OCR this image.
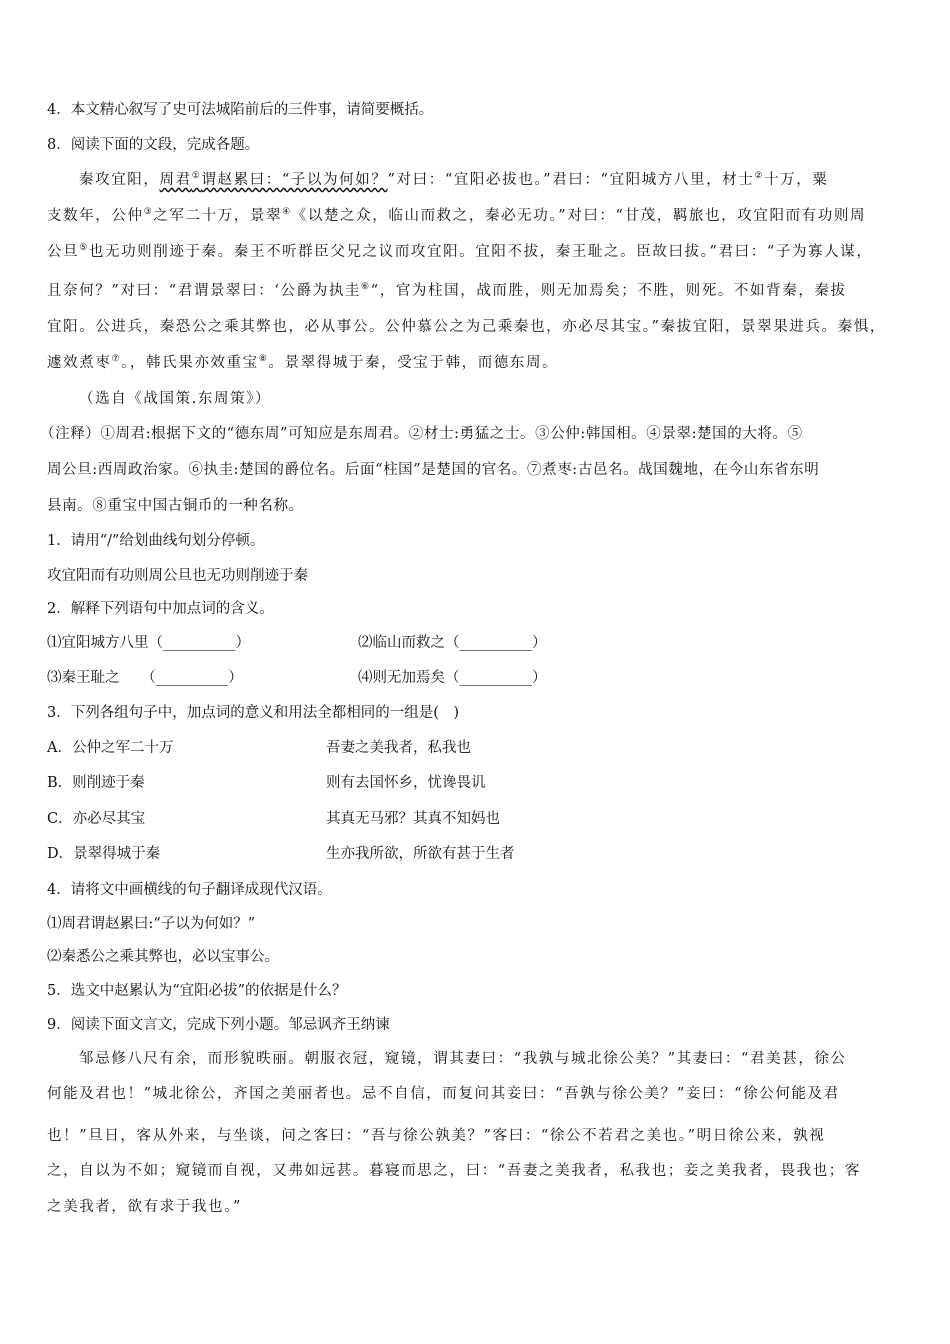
4．本文精心叙写了史可法城陷前后的三件事，请简要概括。
8．阅读下面的文段，完成各题。
秦攻宜阳，周君①谓赵累曰：“子以为何如？”对曰：“宜阳必拔也。”君曰：“宜阳城方八里，材士②十万，粟
支数年，公仲③之军二十万，景翠④《以楚之众，临山而救之，秦必无功。”对曰：“甘茂，羁旅也，攻宜阳而有功则周
公旦⑤也无功则削迹于秦。秦王不听群臣父兄之议而攻宜阳。宜阳不拔，秦王耻之。臣故曰拔。”君曰：“子为寡人谋，
且奈何？”对曰：“君谓景翠曰：‘公爵为执圭⑥“，官为柱国，战而胜，则无加焉矣；不胜，则死。不如背秦，秦拔
宜阳。公进兵，秦恐公之乘其弊也，必从事公。公仲慕公之为己乘秦也，亦必尽其宝。”秦拔宜阳，景翠果进兵。秦惧，
遽效煮枣⑦。，韩氏果亦效重宝⑧。景翠得城于秦，受宝于韩，而德东周。
（选自《战国策.东周策》）
（注释）①周君:根据下文的“德东周”可知应是东周君。②材士:勇猛之士。③公仲:韩国相。④景翠:楚国的大将。⑤
周公旦:西周政治家。⑥执圭:楚国的爵位名。后面“柱国”是楚国的官名。⑦煮枣:古邑名。战国魏地，在今山东省东明
县南。⑧重宝中国古铜币的一种名称。
1．请用“/”给划曲线句划分停顿。
攻宜阳而有功则周公旦也无功则削迹于秦
2．解释下列语句中加点词的含义。
⑴宜阳城方八里（__________）	⑵临山而救之（__________）
⑶秦王耻之　　（__________）	⑷则无加焉矣（__________）
3．下列各组句子中，加点词的意义和用法全都相同的一组是(　)
A．公仲之军二十万	吾妻之美我者，私我也
B．则削迹于秦	则有去国怀乡，忧谗畏讥
C．亦必尽其宝	其真无马邪？其真不知妈也
D．景翠得城于秦	生亦我所欲，所欲有甚于生者
4．请将文中画横线的句子翻译成现代汉语。
⑴周君谓赵累曰:“子以为何如？”
⑵秦悉公之乘其弊也，必以宝事公。
5．选文中赵累认为“宜阳必拔”的依据是什么？
9．阅读下面文言文，完成下列小题。邹忌讽齐王纳谏
邹忌修八尺有余，而形貌昳丽。朝服衣冠，窥镜，谓其妻曰：“我孰与城北徐公美？”其妻曰：“君美甚，徐公
何能及君也！”城北徐公，齐国之美丽者也。忌不自信，而复问其妾曰：“吾孰与徐公美？”妾曰：“徐公何能及君
也！”旦日，客从外来，与坐谈，问之客曰：“吾与徐公孰美？”客曰：“徐公不若君之美也。”明日徐公来，孰视
之，自以为不如；窥镜而自视，又弗如远甚。暮寝而思之，曰：“吾妻之美我者，私我也；妾之美我者，畏我也；客
之美我者，欲有求于我也。”
